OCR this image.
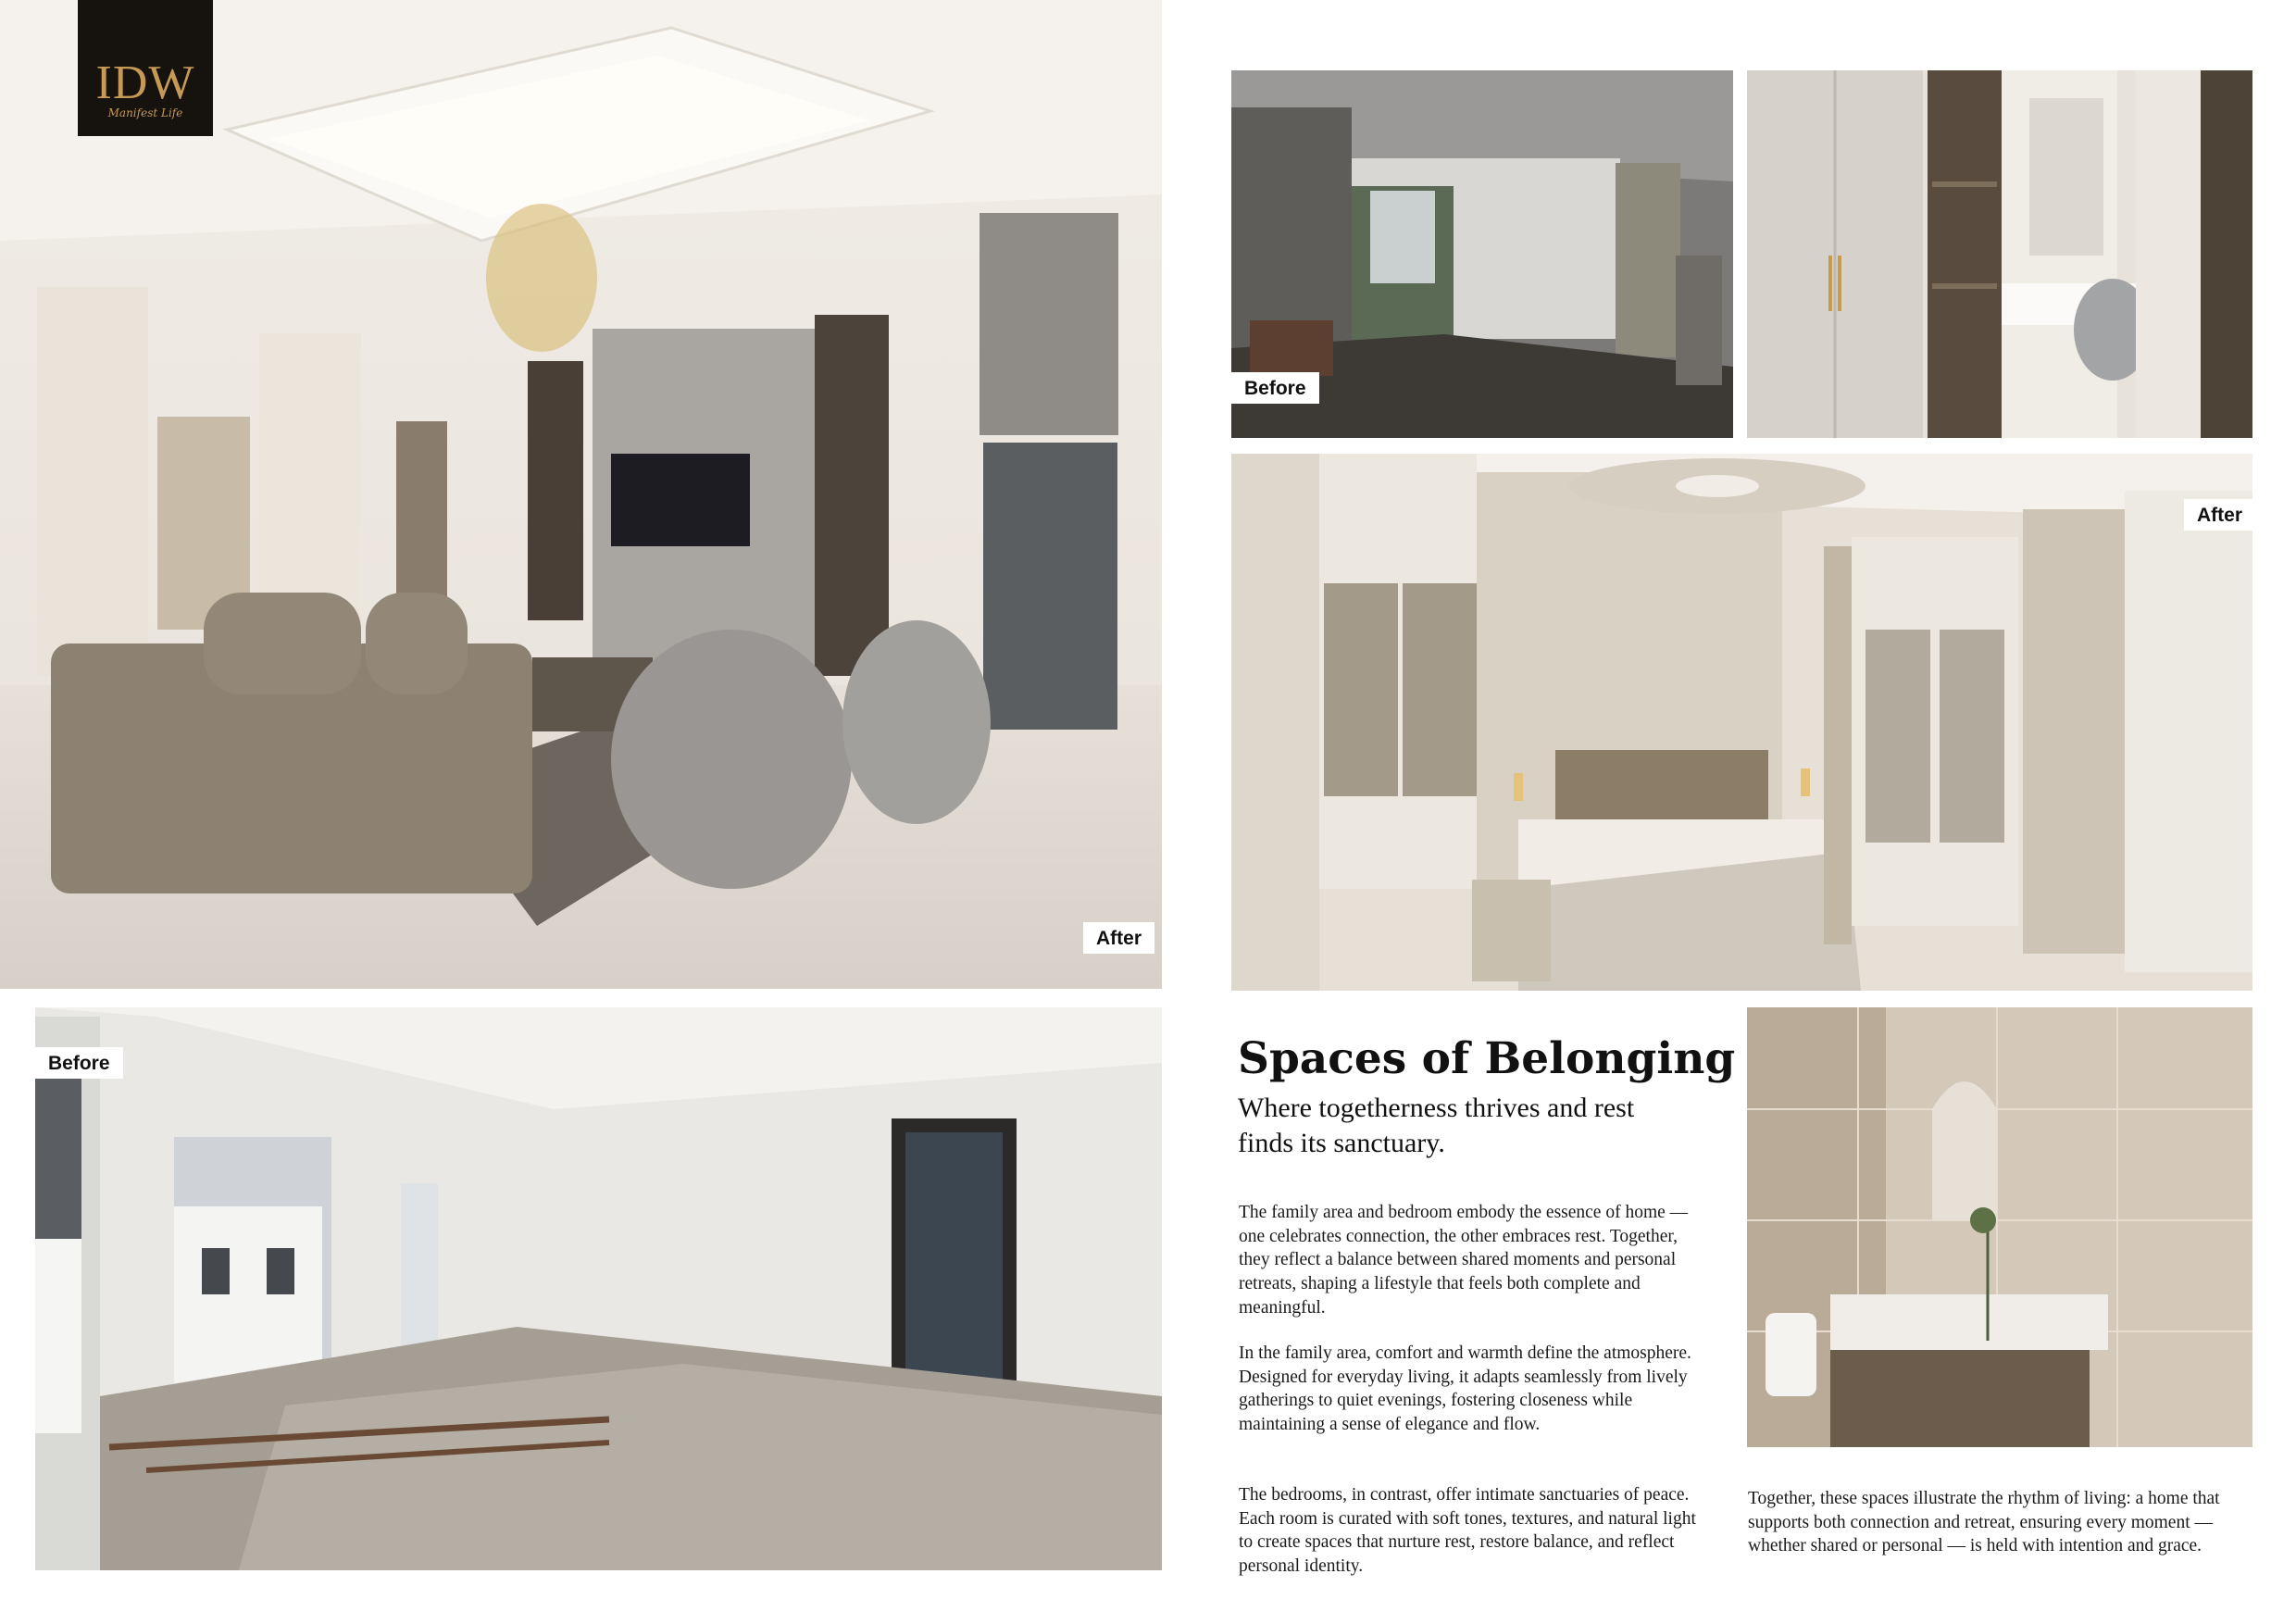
IDW
Manifest Life
After
Before
Before
After
Spaces of Belonging
Where togetherness thrives and rest finds its sanctuary.

The family area and bedroom embody the essence of home — one celebrates connection, the other embraces rest. Together, they reflect a balance between shared moments and personal retreats, shaping a lifestyle that feels both complete and meaningful.

In the family area, comfort and warmth define the atmosphere. Designed for everyday living, it adapts seamlessly from lively gatherings to quiet evenings, fostering closeness while maintaining a sense of elegance and flow.

The bedrooms, in contrast, offer intimate sanctuaries of peace. Each room is curated with soft tones, textures, and natural light to create spaces that nurture rest, restore balance, and reflect personal identity.

Together, these spaces illustrate the rhythm of living: a home that supports both connection and retreat, ensuring every moment — whether shared or personal — is held with intention and grace.
